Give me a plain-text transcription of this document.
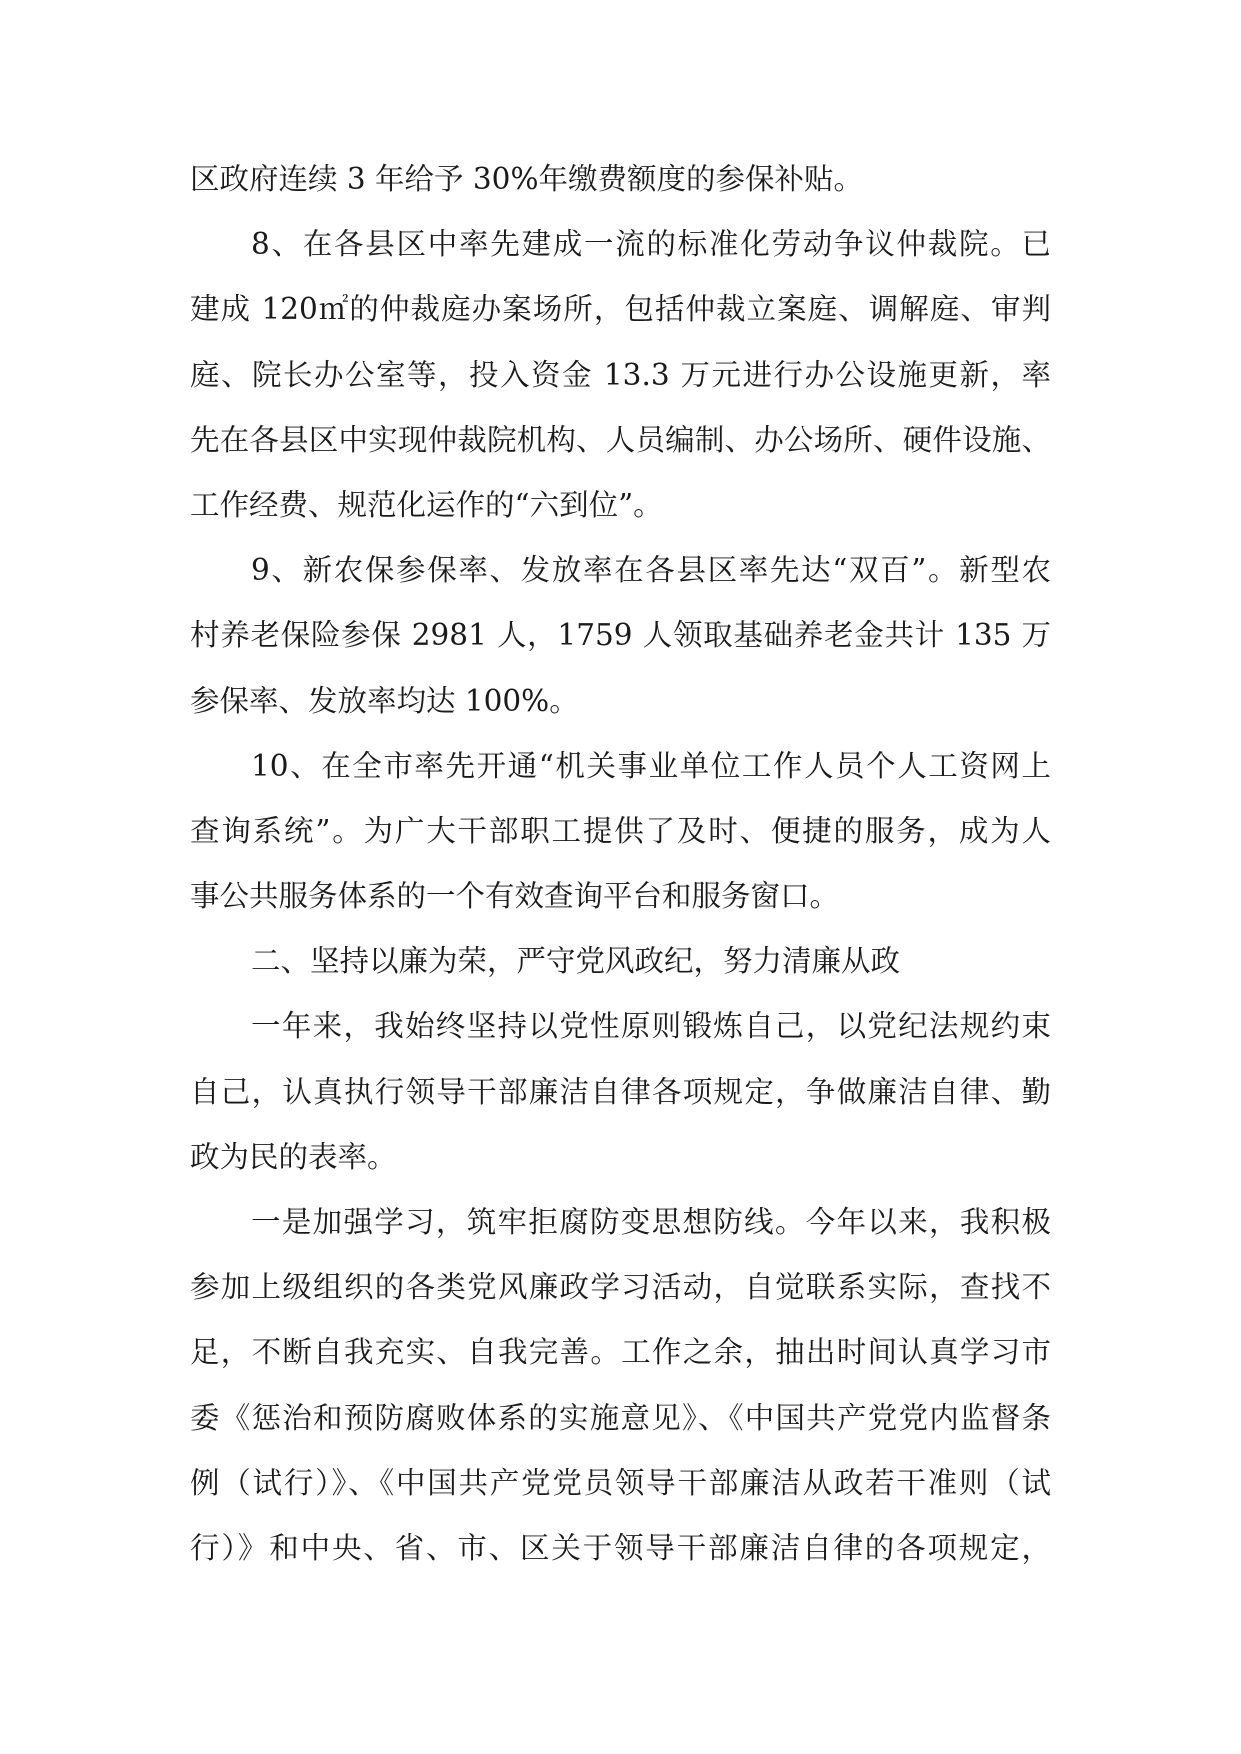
区政府连续 3 年给予 30%年缴费额度的参保补贴。
8、在各县区中率先建成一流的标准化劳动争议仲裁院。已
建成 120㎡的仲裁庭办案场所，包括仲裁立案庭、调解庭、审判
庭、院长办公室等，投入资金 13.3 万元进行办公设施更新，率
先在各县区中实现仲裁院机构、人员编制、办公场所、硬件设施、
工作经费、规范化运作的“六到位”。
9、新农保参保率、发放率在各县区率先达“双百”。新型农
村养老保险参保 2981 人，1759 人领取基础养老金共计 135 万
参保率、发放率均达 100%。
10、在全市率先开通“机关事业单位工作人员个人工资网上
查询系统”。为广大干部职工提供了及时、便捷的服务，成为人
事公共服务体系的一个有效查询平台和服务窗口。
二、坚持以廉为荣，严守党风政纪，努力清廉从政
一年来，我始终坚持以党性原则锻炼自己，以党纪法规约束
自己，认真执行领导干部廉洁自律各项规定，争做廉洁自律、勤
政为民的表率。
一是加强学习，筑牢拒腐防变思想防线。今年以来，我积极
参加上级组织的各类党风廉政学习活动，自觉联系实际，查找不
足，不断自我充实、自我完善。工作之余，抽出时间认真学习市
委《惩治和预防腐败体系的实施意见》、《中国共产党党内监督条
例（试行）》、《中国共产党党员领导干部廉洁从政若干准则（试
行）》和中央、省、市、区关于领导干部廉洁自律的各项规定，
